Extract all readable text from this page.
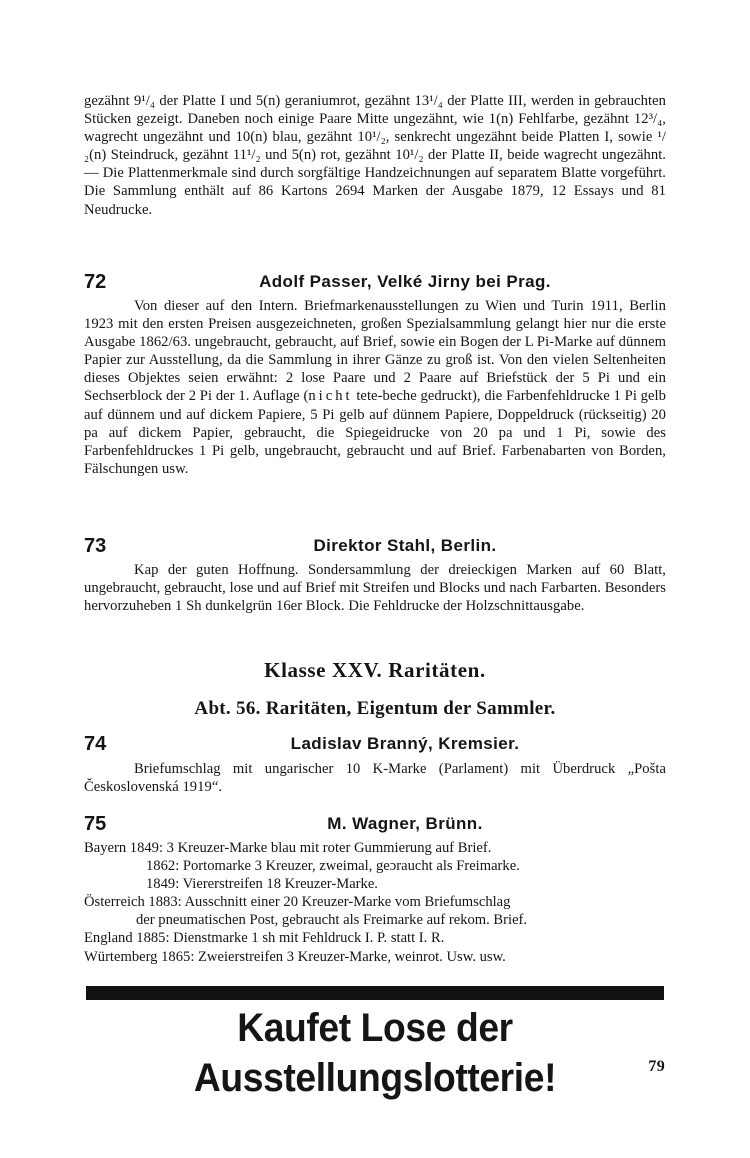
gezähnt 9¹/₄ der Platte I und 5(n) geraniumrot, gezähnt 13¹/₄ der Platte III, werden in gebrauchten Stücken gezeigt. Daneben noch einige Paare Mitte ungezähnt, wie 1(n) Fehlfarbe, gezähnt 12³/₄, wagrecht ungezähnt und 10(n) blau, gezähnt 10¹/₂, senkrecht ungezähnt beide Platten I, sowie ¹/₂(n) Steindruck, gezähnt 11¹/₂ und 5(n) rot, gezähnt 10¹/₂ der Platte II, beide wagrecht ungezähnt. — Die Plattenmerkmale sind durch sorgfältige Handzeichnungen auf separatem Blatte vorgeführt. Die Sammlung enthält auf 86 Kartons 2694 Marken der Ausgabe 1879, 12 Essays und 81 Neudrucke.

72	Adolf Passer, Velké Jirny bei Prag.

Von dieser auf den Intern. Briefmarkenausstellungen zu Wien und Turin 1911, Berlin 1923 mit den ersten Preisen ausgezeichneten, großen Spezialsammlung gelangt hier nur die erste Ausgabe 1862/63. ungebraucht, gebraucht, auf Brief, sowie ein Bogen der L Pi-Marke auf dünnem Papier zur Ausstellung, da die Sammlung in ihrer Gänze zu groß ist. Von den vielen Seltenheiten dieses Objektes seien erwähnt: 2 lose Paare und 2 Paare auf Briefstück der 5 Pi und ein Sechserblock der 2 Pi der 1. Auflage (nicht tete-beche gedruckt), die Farbenfehldrucke 1 Pi gelb auf dünnem und auf dickem Papiere, 5 Pi gelb auf dünnem Papiere, Doppeldruck (rückseitig) 20 pa auf dickem Papier, gebraucht, die Spiegeidrucke von 20 pa und 1 Pi, sowie des Farbenfehldruckes 1 Pi gelb, ungebraucht, gebraucht und auf Brief. Farbenabarten von Borden, Fälschungen usw.

73	Direktor Stahl, Berlin.

Kap der guten Hoffnung. Sondersammlung der dreieckigen Marken auf 60 Blatt, ungebraucht, gebraucht, lose und auf Brief mit Streifen und Blocks und nach Farbarten. Besonders hervorzuheben 1 Sh dunkelgrün 16er Block. Die Fehldrucke der Holzschnittausgabe.

Klasse XXV. Raritäten.
Abt. 56. Raritäten, Eigentum der Sammler.
74	Ladislav Branný, Kremsier.

Briefumschlag mit ungarischer 10 K-Marke (Parlament) mit Überdruck „Pošta Československá 1919“.

75	M. Wagner, Brünn.

Bayern 1849: 3 Kreuzer-Marke blau mit roter Gummierung auf Brief.

1862: Portomarke 3 Kreuzer, zweimal, geɔraucht als Freimarke.

1849: Viererstreifen 18 Kreuzer-Marke.

Österreich 1883: Ausschnitt einer 20 Kreuzer-Marke vom Briefumschlag

der pneumatischen Post, gebraucht als Freimarke auf rekom. Brief.

England 1885: Dienstmarke 1 sh mit Fehldruck I. P. statt I. R.

Würtemberg 1865: Zweierstreifen 3 Kreuzer-Marke, weinrot. Usw. usw.

Kaufet Lose der Ausstellungslotterie!	79
